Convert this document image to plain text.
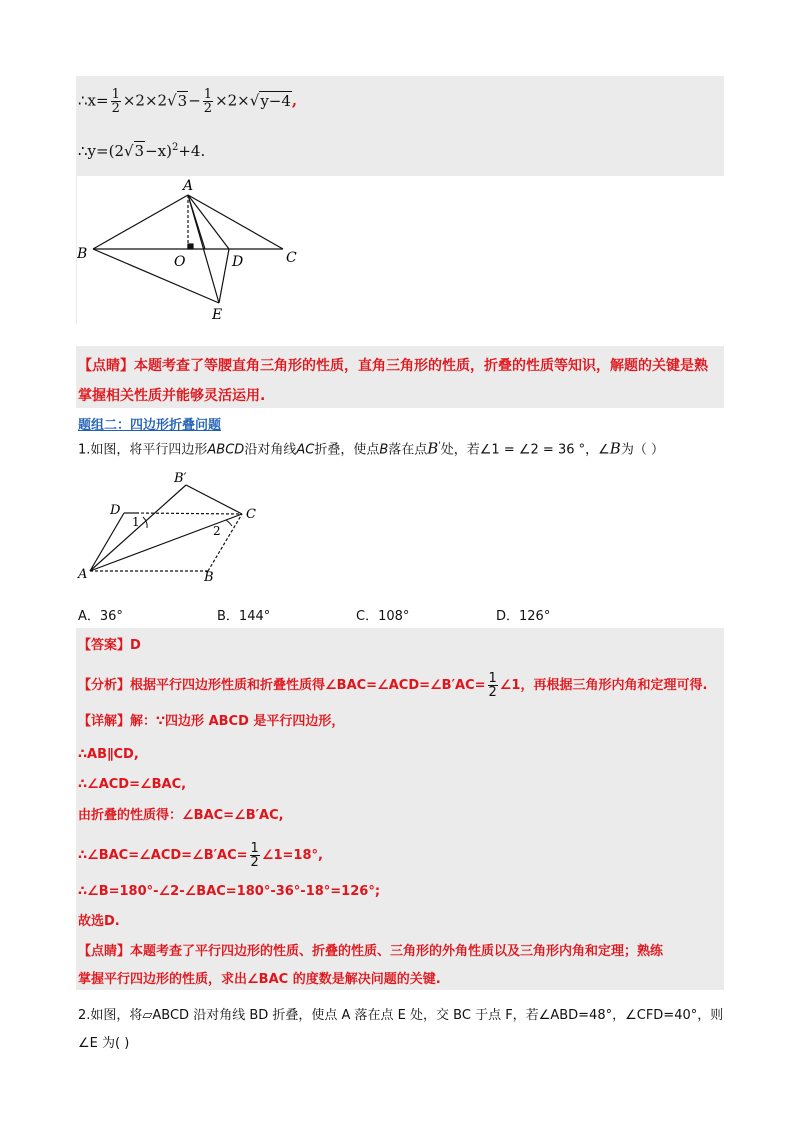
∴x= $\frac{1}{2} \times 2\times 2√3- \frac{1}{2} \times 2\times√y-4$,
$\therefore y=(2√3-x)^2+4$.
A
B	O	D	C
E
【点睛】本题考查了等腰直角三角形的性质，直角三角形的性质，折叠的性质等知识，解题的关键是熟
掌握相关性质并能够灵活运用.
题组二：四边形折叠问题
1.如图，将平行四边形ABCD沿对角线AC折叠，使点B落在点B'处，若∠1 = ∠2 = 36 °，∠B为（ ）
B′
D	C
1
2
A	B
A．36°	B．144°	C．108°	D．126°
【答案】D
【分析】根据平行四边形性质和折叠性质得∠BAC=∠ACD=∠B′AC= $\frac{1}{2}$ ∠1，再根据三角形内角和定理可得.
【详解】解：∵四边形 ABCD 是平行四边形，
∴AB∥CD,
∴∠ACD=∠BAC,
由折叠的性质得：∠BAC=∠B′AC,
∴∠BAC=∠ACD=∠B′AC= $\frac{1}{2}$ ∠1=18°,
∴∠B=180°-∠2-∠BAC=180°-36°-18°=126°;
故选D.
【点睛】本题考查了平行四边形的性质、折叠的性质、三角形的外角性质以及三角形内角和定理；熟练
掌握平行四边形的性质，求出∠BAC 的度数是解决问题的关键.
2.如图，将▱ABCD 沿对角线 BD 折叠，使点 A 落在点 E 处，交 BC 于点 F，若∠ABD=48°，∠CFD=40°，则
∠E 为( )
